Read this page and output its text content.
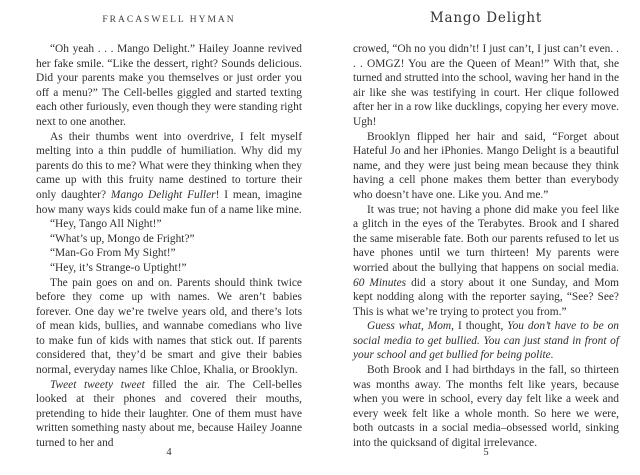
FRACASWELL HYMAN

“Oh yeah . . . Mango Delight.” Hailey Joanne revived her fake smile. “Like the dessert, right? Sounds delicious. Did your parents make you themselves or just order you off a menu?” The Cell-belles giggled and started texting each other furiously, even though they were standing right next to one another.

As their thumbs went into overdrive, I felt myself melting into a thin puddle of humiliation. Why did my parents do this to me? What were they thinking when they came up with this fruity name destined to torture their only daughter? Mango Delight Fuller! I mean, imagine how many ways kids could make fun of a name like mine.

“Hey, Tango All Night!”

“What’s up, Mongo de Fright?”

“Man-Go From My Sight!”

“Hey, it’s Strange-o Uptight!”

The pain goes on and on. Parents should think twice before they come up with names. We aren’t babies forever. One day we’re twelve years old, and there’s lots of mean kids, bullies, and wannabe comedians who live to make fun of kids with names that stick out. If parents considered that, they’d be smart and give their babies normal, everyday names like Chloe, Khalia, or Brooklyn.

Tweet tweety tweet filled the air. The Cell-belles looked at their phones and covered their mouths, pretending to hide their laughter. One of them must have written something nasty about me, because Hailey Joanne turned to her and

4
Mango Delight

crowed, “Oh no you didn’t! I just can’t, I just can’t even. . . . OMGZ! You are the Queen of Mean!” With that, she turned and strutted into the school, waving her hand in the air like she was testifying in court. Her clique followed after her in a row like ducklings, copying her every move. Ugh!

Brooklyn flipped her hair and said, “Forget about Hateful Jo and her iPhonies. Mango Delight is a beautiful name, and they were just being mean because they think having a cell phone makes them better than everybody who doesn’t have one. Like you. And me.”

It was true; not having a phone did make you feel like a glitch in the eyes of the Terabytes. Brook and I shared the same miserable fate. Both our parents refused to let us have phones until we turn thirteen! My parents were worried about the bullying that happens on social media. 60 Minutes did a story about it one Sunday, and Mom kept nodding along with the reporter saying, “See? See? This is what we’re trying to protect you from.”

Guess what, Mom, I thought, You don’t have to be on social media to get bullied. You can just stand in front of your school and get bullied for being polite.

Both Brook and I had birthdays in the fall, so thirteen was months away. The months felt like years, because when you were in school, every day felt like a week and every week felt like a whole month. So here we were, both outcasts in a social media–obsessed world, sinking into the quicksand of digital irrelevance.

5
